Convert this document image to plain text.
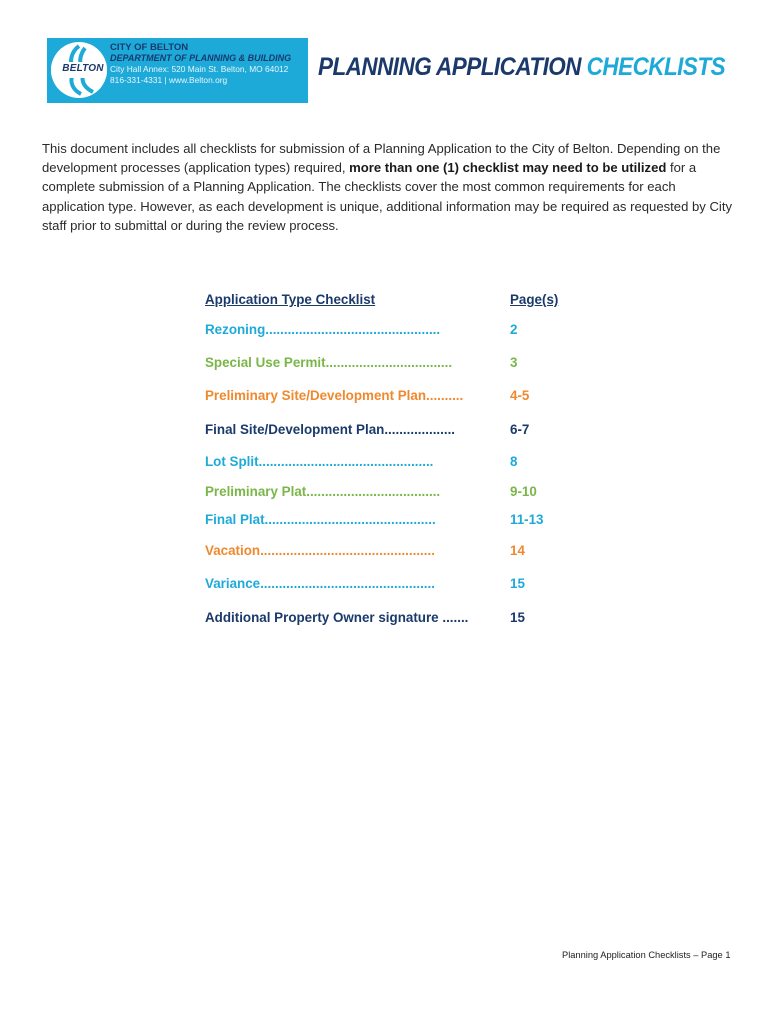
BELTON
CITY OF BELTON
DEPARTMENT OF PLANNING & BUILDING
City Hall Annex: 520 Main St. Belton, MO 64012
816-331-4331 | www.Belton.org	PLANNING APPLICATION CHECKLISTS

This document includes all checklists for submission of a Planning Application to the City of Belton. Depending on the development processes (application types) required, more than one (1) checklist may need to be utilized for a complete submission of a Planning Application. The checklists cover the most common requirements for each application type. However, as each development is unique, additional information may be required as requested by City staff prior to submittal or during the review process.

Application Type Checklist	Page(s)
Rezoning...............................................	2
Special Use Permit..................................	3
Preliminary Site/Development Plan..........	4-5
Final Site/Development Plan...................	6-7
Lot Split...............................................	8
Preliminary Plat....................................	9-10
Final Plat..............................................	11-13
Vacation...............................................	14
Variance...............................................	15
Additional Property Owner signature .......	15
Planning Application Checklists – Page 1
